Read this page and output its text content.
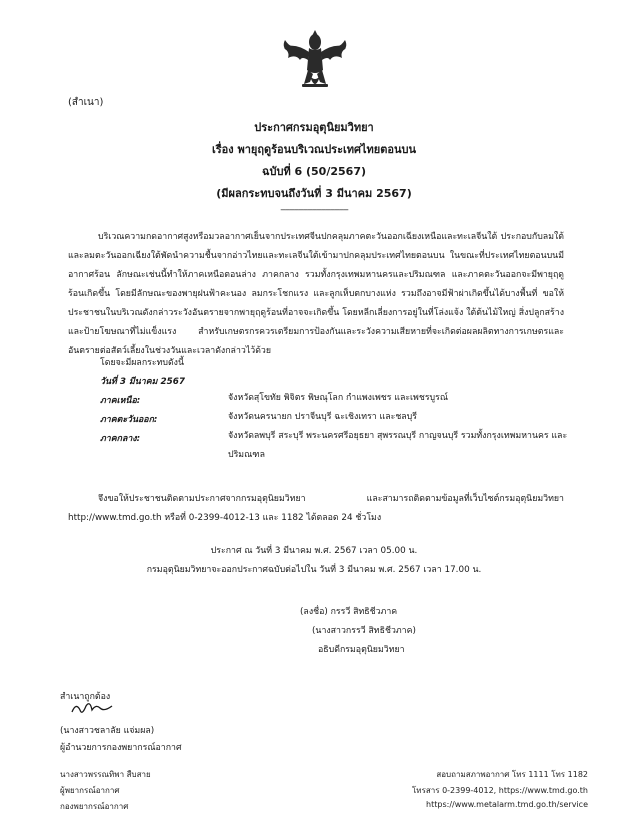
(สำเนา)
ประกาศกรมอุตุนิยมวิทยา
เรื่อง พายุฤดูร้อนบริเวณประเทศไทยตอนบน
ฉบับที่ 6 (50/2567)
(มีผลกระทบจนถึงวันที่ 3 มีนาคม 2567)
------------------------------
บริเวณความกดอากาศสูงหรือมวลอากาศเย็นจากประเทศจีนปกคลุมภาคตะวันออกเฉียงเหนือและทะเลจีนใต้ ประกอบกับลมใต้และลมตะวันออกเฉียงใต้พัดนำความชื้นจากอ่าวไทยและทะเลจีนใต้เข้ามาปกคลุมประเทศไทยตอนบน ในขณะที่ประเทศไทยตอนบนมีอากาศร้อน ลักษณะเช่นนี้ทำให้ภาคเหนือตอนล่าง ภาคกลาง รวมทั้งกรุงเทพมหานครและปริมณฑล และภาคตะวันออกจะมีพายุฤดูร้อนเกิดขึ้น โดยมีลักษณะของพายุฝนฟ้าคะนอง ลมกระโชกแรง และลูกเห็บตกบางแห่ง รวมถึงอาจมีฟ้าผ่าเกิดขึ้นได้บางพื้นที่ ขอให้ประชาชนในบริเวณดังกล่าวระวังอันตรายจากพายุฤดูร้อนที่อาจจะเกิดขึ้น โดยหลีกเลี่ยงการอยู่ในที่โล่งแจ้ง ใต้ต้นไม้ใหญ่ สิ่งปลูกสร้างและป้ายโฆษณาที่ไม่แข็งแรง สำหรับเกษตรกรควรเตรียมการป้องกันและระวังความเสียหายที่จะเกิดต่อผลผลิตทางการเกษตรและอันตรายต่อสัตว์เลี้ยงในช่วงวันและเวลาดังกล่าวไว้ด้วย
โดยจะมีผลกระทบดังนี้
วันที่ 3 มีนาคม 2567
ภาคเหนือ:	จังหวัดสุโขทัย พิจิตร พิษณุโลก กำแพงเพชร และเพชรบูรณ์
ภาคตะวันออก:	จังหวัดนครนายก ปราจีนบุรี ฉะเชิงเทรา และชลบุรี
ภาคกลาง:	จังหวัดลพบุรี สระบุรี พระนครศรีอยุธยา สุพรรณบุรี กาญจนบุรี รวมทั้งกรุงเทพมหานคร และปริมณฑล
จึงขอให้ประชาชนติดตามประกาศจากกรมอุตุนิยมวิทยา และสามารถติดตามข้อมูลที่เว็บไซต์กรมอุตุนิยมวิทยา http://www.tmd.go.th หรือที่ 0-2399-4012-13 และ 1182 ได้ตลอด 24 ชั่วโมง
ประกาศ ณ วันที่ 3 มีนาคม พ.ศ. 2567 เวลา 05.00 น.
กรมอุตุนิยมวิทยาจะออกประกาศฉบับต่อไปใน วันที่ 3 มีนาคม พ.ศ. 2567 เวลา 17.00 น.
(ลงชื่อ) กรรวี สิทธิชีวภาค
(นางสาวกรรวี สิทธิชีวภาค)
อธิบดีกรมอุตุนิยมวิทยา
สำเนาถูกต้อง
(นางสาวชลาลัย แจ่มผล)
ผู้อำนวยการกองพยากรณ์อากาศ
นางสาวพรรณทิพา สืบสาย
ผู้พยากรณ์อากาศ
กองพยากรณ์อากาศ
สอบถามสภาพอากาศ โทร 1111 โทร 1182
โทรสาร 0-2399-4012, https://www.tmd.go.th
https://www.metalarm.tmd.go.th/service
